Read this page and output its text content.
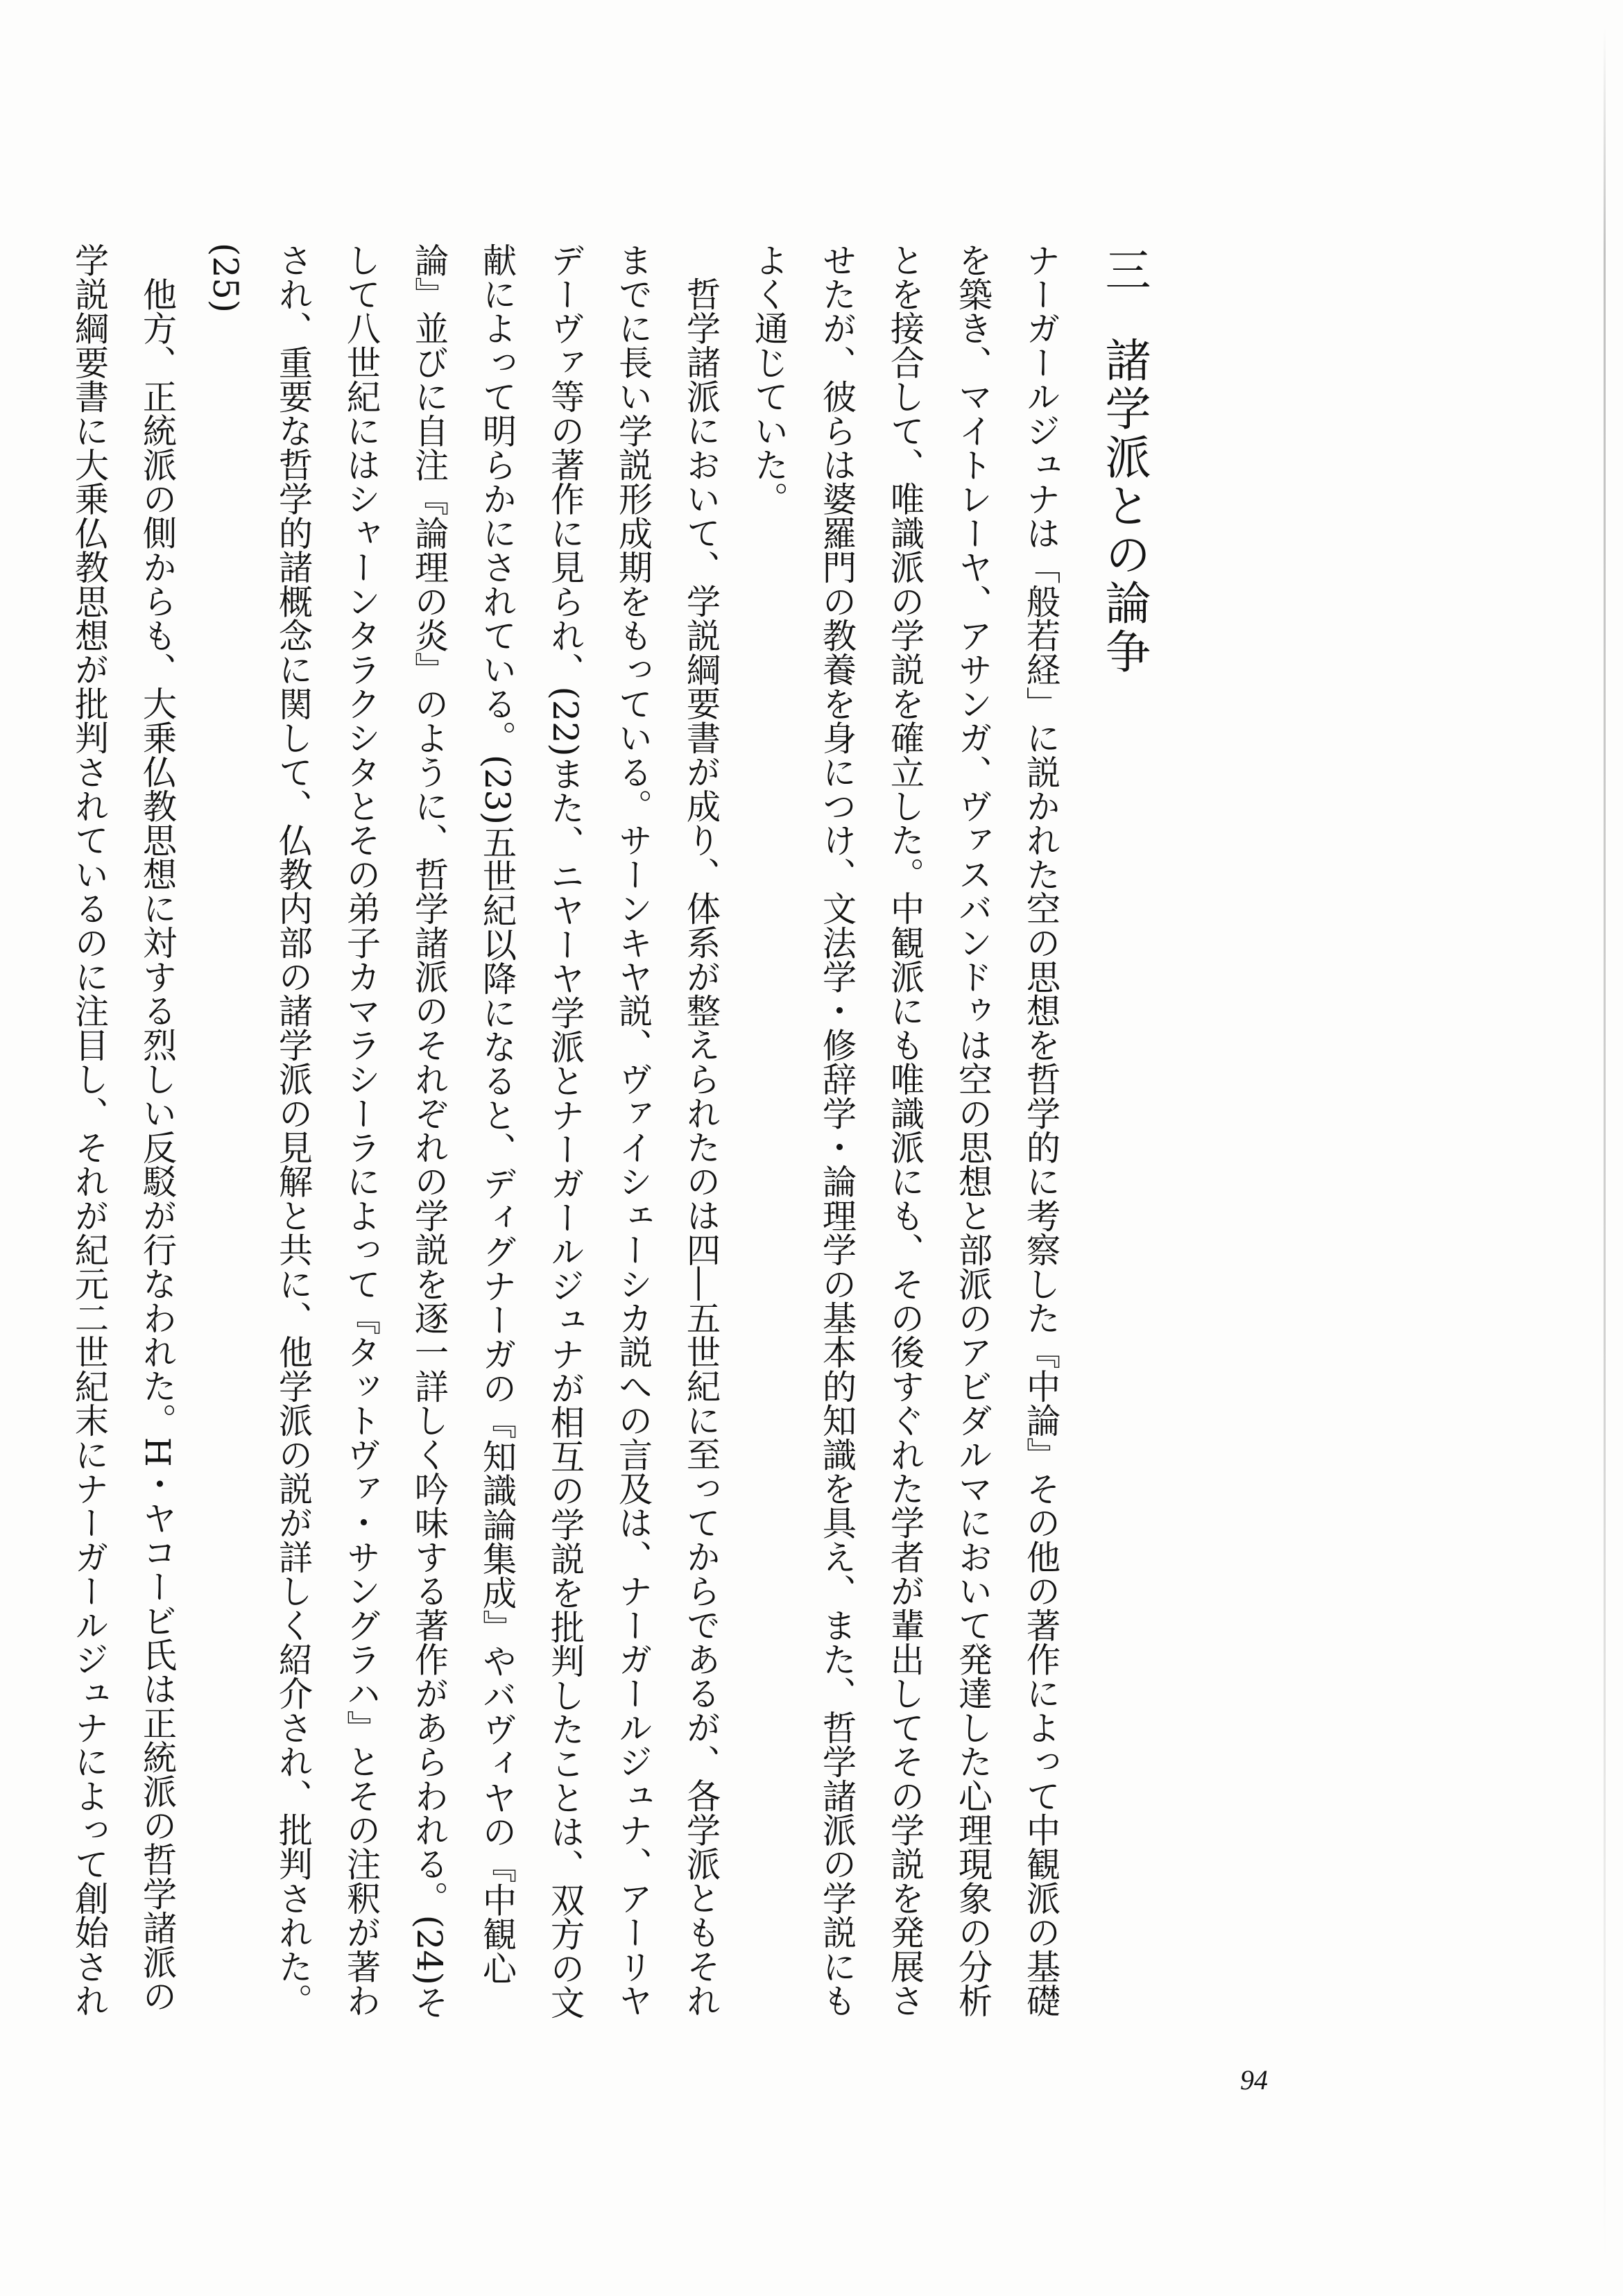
三諸学派との論争

ナーガールジュナは「般若経」に説かれた空の思想を哲学的に考察した『中論』その他の著作によって中観派の基礎を築き、マイトレーヤ、アサンガ、ヴァスバンドゥは空の思想と部派のアビダルマにおいて発達した心理現象の分析とを接合して、唯識派の学説を確立した。中観派にも唯識派にも、その後すぐれた学者が輩出してその学説を発展させたが、彼らは婆羅門の教養を身につけ、文法学・修辞学・論理学の基本的知識を具え、また、哲学諸派の学説にもよく通じていた。

哲学諸派において、学説綱要書が成り、体系が整えられたのは四―五世紀に至ってからであるが、各学派ともそれまでに長い学説形成期をもっている。サーンキヤ説、ヴァイシェーシカ説への言及は、ナーガールジュナ、アーリヤデーヴァ等の著作に見られ、(22)また、ニヤーヤ学派とナーガールジュナが相互の学説を批判したことは、双方の文献によって明らかにされている。(23)五世紀以降になると、ディグナーガの『知識論集成』やバヴィヤの『中観心論』並びに自注『論理の炎』のように、哲学諸派のそれぞれの学説を逐一詳しく吟味する著作があらわれる。(24)そして八世紀にはシャーンタラクシタとその弟子カマラシーラによって『タットヴァ・サングラハ』とその注釈が著わされ、重要な哲学的諸概念に関して、仏教内部の諸学派の見解と共に、他学派の説が詳しく紹介され、批判された。(25)

他方、正統派の側からも、大乗仏教思想に対する烈しい反駁が行なわれた。H・ヤコービ氏は正統派の哲学諸派の学説綱要書に大乗仏教思想が批判されているのに注目し、それが紀元二世紀末にナーガールジュナによって創始され

94
